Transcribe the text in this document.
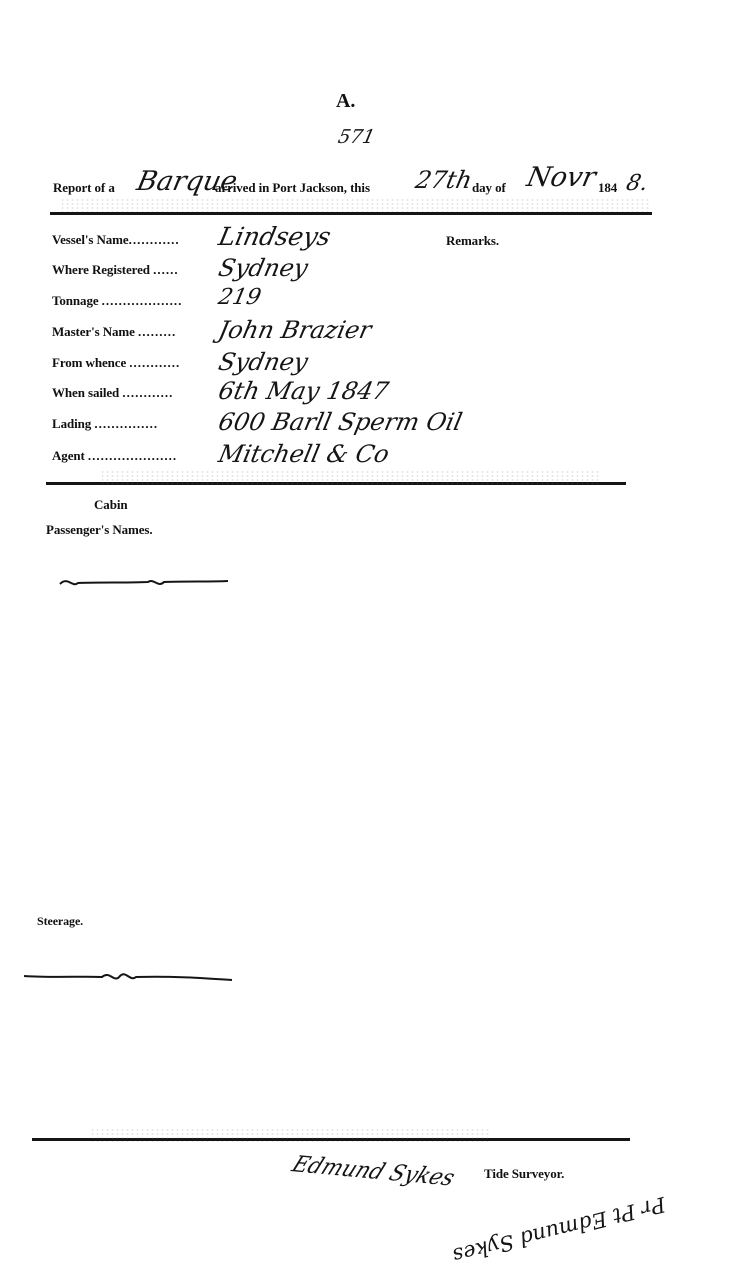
A.
571
Report of a Barque
arrived in Port Jackson, this 27th
day of Novr 184 8.
Vessel's Name............ Lindseys
Where Registered ...... Sydney
Tonnage ................... 219
Master's Name ......... John Brazier
From whence ............ Sydney
When sailed ............ 6th May 1847
Lading ............... 600 Barll Sperm Oil
Agent ..................... Mitchell & Co
Remarks.
Cabin
Passenger's Names.
Steerage.
Edmund Sykes Tide Surveyor.
Pr Pt Edmund Sykes
